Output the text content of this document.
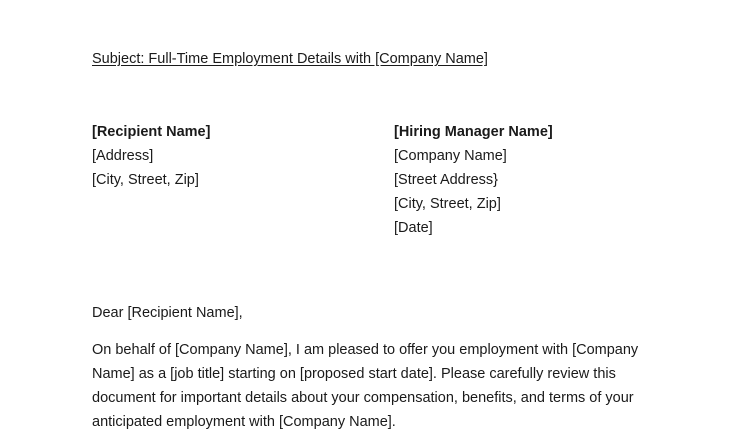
Subject: Full-Time Employment Details with [Company Name]
[Recipient Name]
[Address]
[City, Street, Zip]
[Hiring Manager Name]
[Company Name]
[Street Address}
[City, Street, Zip]
[Date]
Dear [Recipient Name],
On behalf of [Company Name], I am pleased to offer you employment with [Company
Name] as a [job title] starting on [proposed start date]. Please carefully review this
document for important details about your compensation, benefits, and terms of your
anticipated employment with [Company Name].
